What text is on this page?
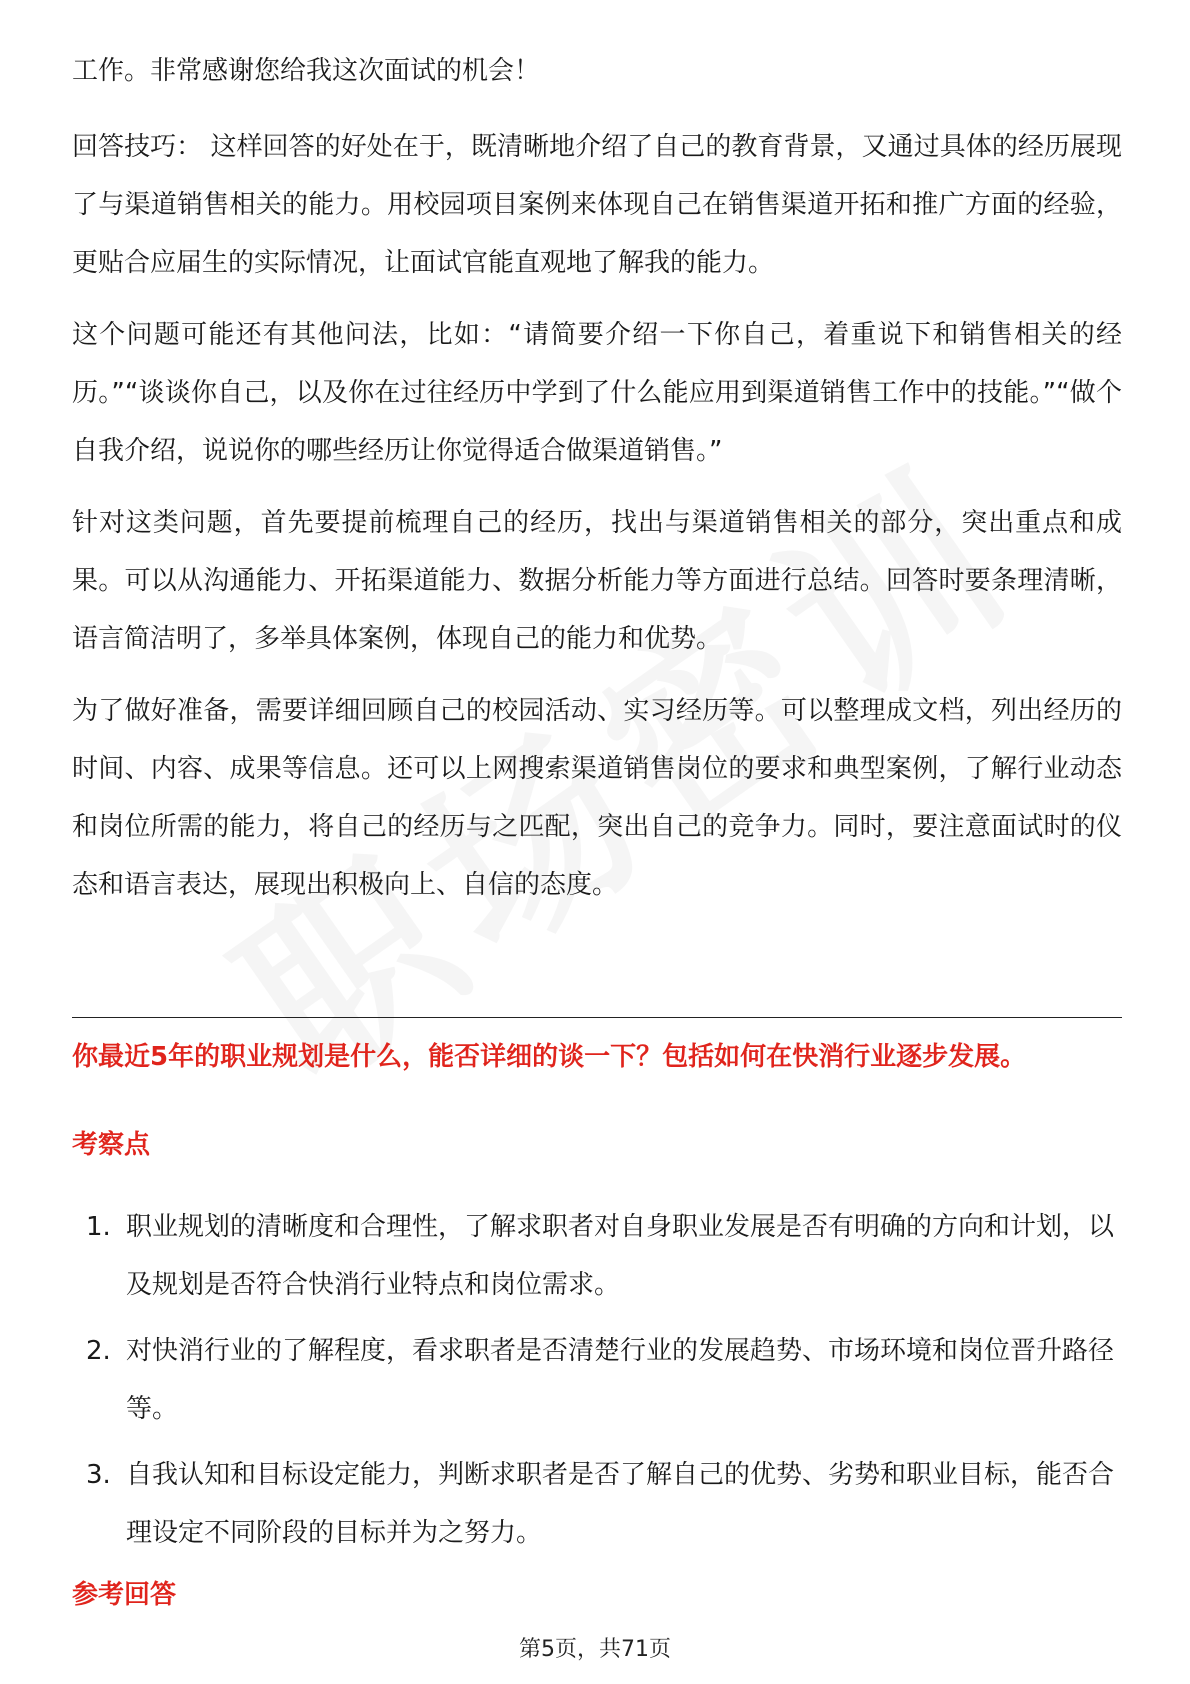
工作。非常感谢您给我这次面试的机会！

回答技巧： 这样回答的好处在于，既清晰地介绍了自己的教育背景，又通过具体的经历展现了与渠道销售相关的能力。用校园项目案例来体现自己在销售渠道开拓和推广方面的经验，更贴合应届生的实际情况，让面试官能直观地了解我的能力。

这个问题可能还有其他问法，比如：“请简要介绍一下你自己，着重说下和销售相关的经历。”“谈谈你自己，以及你在过往经历中学到了什么能应用到渠道销售工作中的技能。”“做个自我介绍，说说你的哪些经历让你觉得适合做渠道销售。”

针对这类问题，首先要提前梳理自己的经历，找出与渠道销售相关的部分，突出重点和成果。可以从沟通能力、开拓渠道能力、数据分析能力等方面进行总结。回答时要条理清晰，语言简洁明了，多举具体案例，体现自己的能力和优势。

为了做好准备，需要详细回顾自己的校园活动、实习经历等。可以整理成文档，列出经历的时间、内容、成果等信息。还可以上网搜索渠道销售岗位的要求和典型案例，了解行业动态和岗位所需的能力，将自己的经历与之匹配，突出自己的竞争力。同时，要注意面试时的仪态和语言表达，展现出积极向上、自信的态度。

你最近5年的职业规划是什么，能否详细的谈一下？包括如何在快消行业逐步发展。
考察点
1. 职业规划的清晰度和合理性，了解求职者对自身职业发展是否有明确的方向和计划，以及规划是否符合快消行业特点和岗位需求。
2. 对快消行业的了解程度，看求职者是否清楚行业的发展趋势、市场环境和岗位晋升路径等。
3. 自我认知和目标设定能力，判断求职者是否了解自己的优势、劣势和职业目标，能否合理设定不同阶段的目标并为之努力。
参考回答
第5页，共71页
